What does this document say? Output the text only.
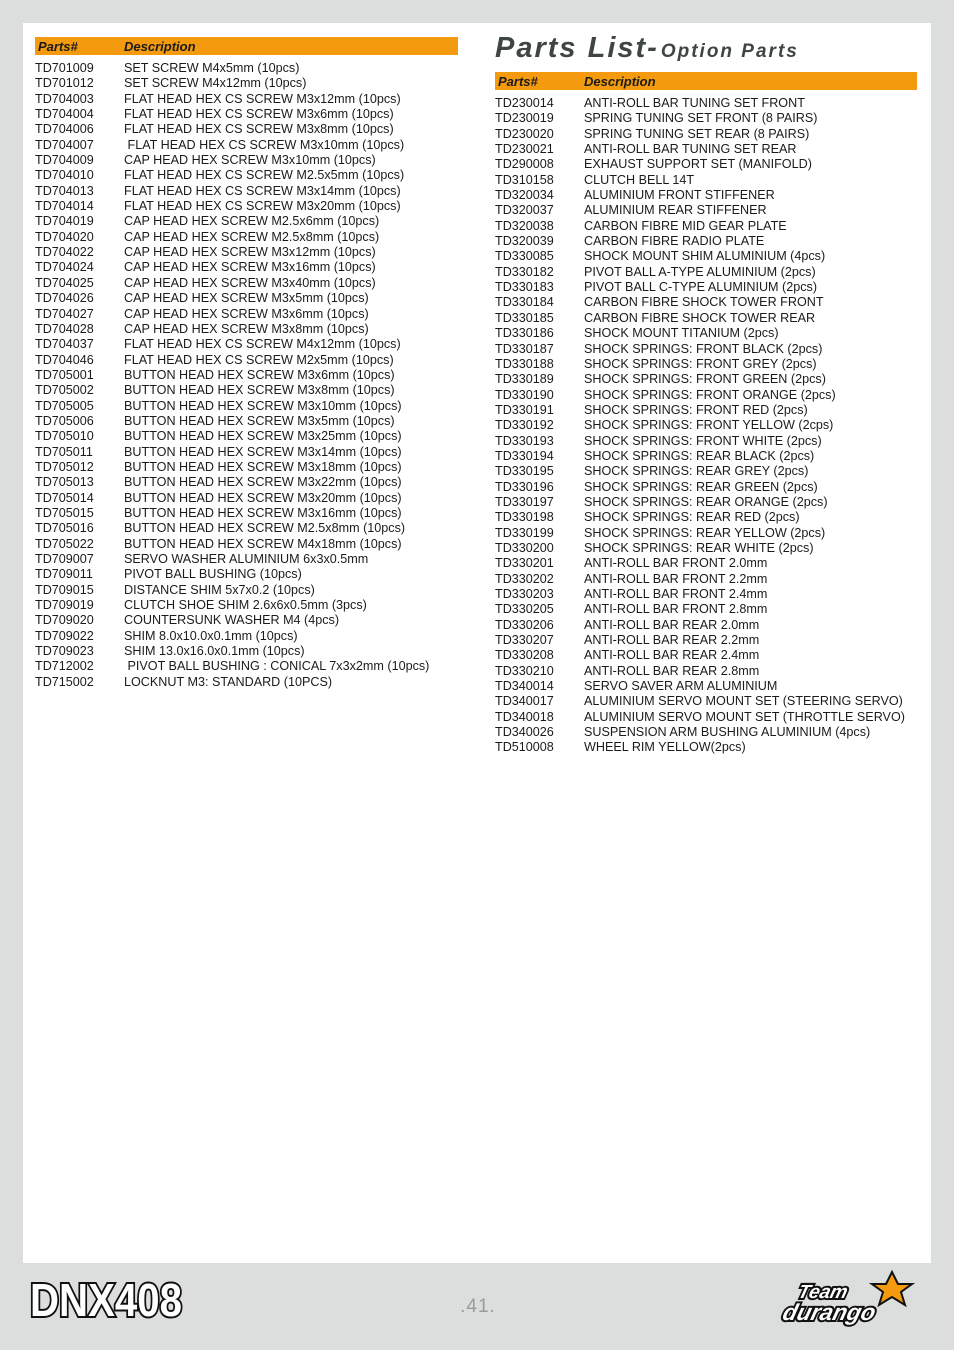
Parts#	Description
TD701009	SET SCREW M4x5mm (10pcs)
TD701012	SET SCREW M4x12mm (10pcs)
TD704003	FLAT HEAD HEX CS SCREW M3x12mm (10pcs)
TD704004	FLAT HEAD HEX CS SCREW M3x6mm (10pcs)
TD704006	FLAT HEAD HEX CS SCREW M3x8mm (10pcs)
TD704007	FLAT HEAD HEX CS SCREW M3x10mm (10pcs)
TD704009	CAP HEAD HEX SCREW M3x10mm (10pcs)
TD704010	FLAT HEAD HEX CS SCREW M2.5x5mm (10pcs)
TD704013	FLAT HEAD HEX CS SCREW M3x14mm (10pcs)
TD704014	FLAT HEAD HEX CS SCREW M3x20mm (10pcs)
TD704019	CAP HEAD HEX SCREW M2.5x6mm (10pcs)
TD704020	CAP HEAD HEX SCREW M2.5x8mm (10pcs)
TD704022	CAP HEAD HEX SCREW M3x12mm (10pcs)
TD704024	CAP HEAD HEX SCREW M3x16mm (10pcs)
TD704025	CAP HEAD HEX SCREW M3x40mm (10pcs)
TD704026	CAP HEAD HEX SCREW M3x5mm (10pcs)
TD704027	CAP HEAD HEX SCREW M3x6mm (10pcs)
TD704028	CAP HEAD HEX SCREW M3x8mm (10pcs)
TD704037	FLAT HEAD HEX CS SCREW M4x12mm (10pcs)
TD704046	FLAT HEAD HEX CS SCREW M2x5mm (10pcs)
TD705001	BUTTON HEAD HEX SCREW M3x6mm (10pcs)
TD705002	BUTTON HEAD HEX SCREW M3x8mm (10pcs)
TD705005	BUTTON HEAD HEX SCREW M3x10mm (10pcs)
TD705006	BUTTON HEAD HEX SCREW M3x5mm (10pcs)
TD705010	BUTTON HEAD HEX SCREW M3x25mm (10pcs)
TD705011	BUTTON HEAD HEX SCREW M3x14mm (10pcs)
TD705012	BUTTON HEAD HEX SCREW M3x18mm (10pcs)
TD705013	BUTTON HEAD HEX SCREW M3x22mm (10pcs)
TD705014	BUTTON HEAD HEX SCREW M3x20mm (10pcs)
TD705015	BUTTON HEAD HEX SCREW M3x16mm (10pcs)
TD705016	BUTTON HEAD HEX SCREW M2.5x8mm (10pcs)
TD705022	BUTTON HEAD HEX SCREW M4x18mm (10pcs)
TD709007	SERVO WASHER ALUMINIUM 6x3x0.5mm
TD709011	PIVOT BALL BUSHING (10pcs)
TD709015	DISTANCE SHIM 5x7x0.2 (10pcs)
TD709019	CLUTCH SHOE SHIM 2.6x6x0.5mm (3pcs)
TD709020	COUNTERSUNK WASHER M4 (4pcs)
TD709022	SHIM 8.0x10.0x0.1mm (10pcs)
TD709023	SHIM 13.0x16.0x0.1mm (10pcs)
TD712002	PIVOT BALL BUSHING : CONICAL 7x3x2mm (10pcs)
TD715002	LOCKNUT M3: STANDARD (10PCS)
Parts List- Option Parts
Parts#	Description
TD230014	ANTI-ROLL BAR TUNING SET FRONT
TD230019	SPRING TUNING SET FRONT (8 PAIRS)
TD230020	SPRING TUNING SET REAR (8 PAIRS)
TD230021	ANTI-ROLL BAR TUNING SET REAR
TD290008	EXHAUST SUPPORT SET (MANIFOLD)
TD310158	CLUTCH BELL 14T
TD320034	ALUMINIUM FRONT STIFFENER
TD320037	ALUMINIUM REAR STIFFENER
TD320038	CARBON FIBRE MID GEAR PLATE
TD320039	CARBON FIBRE RADIO PLATE
TD330085	SHOCK MOUNT SHIM ALUMINIUM (4pcs)
TD330182	PIVOT BALL A-TYPE ALUMINIUM (2pcs)
TD330183	PIVOT BALL C-TYPE ALUMINIUM (2pcs)
TD330184	CARBON FIBRE SHOCK TOWER FRONT
TD330185	CARBON FIBRE SHOCK TOWER REAR
TD330186	SHOCK MOUNT TITANIUM (2pcs)
TD330187	SHOCK SPRINGS: FRONT BLACK (2pcs)
TD330188	SHOCK SPRINGS: FRONT GREY (2pcs)
TD330189	SHOCK SPRINGS: FRONT GREEN (2pcs)
TD330190	SHOCK SPRINGS: FRONT ORANGE (2pcs)
TD330191	SHOCK SPRINGS: FRONT RED (2pcs)
TD330192	SHOCK SPRINGS: FRONT YELLOW (2cps)
TD330193	SHOCK SPRINGS: FRONT WHITE (2pcs)
TD330194	SHOCK SPRINGS: REAR BLACK (2pcs)
TD330195	SHOCK SPRINGS: REAR GREY (2pcs)
TD330196	SHOCK SPRINGS: REAR GREEN (2pcs)
TD330197	SHOCK SPRINGS: REAR ORANGE (2pcs)
TD330198	SHOCK SPRINGS: REAR RED (2pcs)
TD330199	SHOCK SPRINGS: REAR YELLOW (2pcs)
TD330200	SHOCK SPRINGS: REAR WHITE (2pcs)
TD330201	ANTI-ROLL BAR FRONT 2.0mm
TD330202	ANTI-ROLL BAR FRONT 2.2mm
TD330203	ANTI-ROLL BAR FRONT 2.4mm
TD330205	ANTI-ROLL BAR FRONT 2.8mm
TD330206	ANTI-ROLL BAR REAR 2.0mm
TD330207	ANTI-ROLL BAR REAR 2.2mm
TD330208	ANTI-ROLL BAR REAR 2.4mm
TD330210	ANTI-ROLL BAR REAR 2.8mm
TD340014	SERVO SAVER ARM ALUMINIUM
TD340017	ALUMINIUM SERVO MOUNT SET (STEERING SERVO)
TD340018	ALUMINIUM SERVO MOUNT SET (THROTTLE SERVO)
TD340026	SUSPENSION ARM BUSHING ALUMINIUM (4pcs)
TD510008	WHEEL RIM YELLOW(2pcs)
DNX408	.41.
Team
durango
